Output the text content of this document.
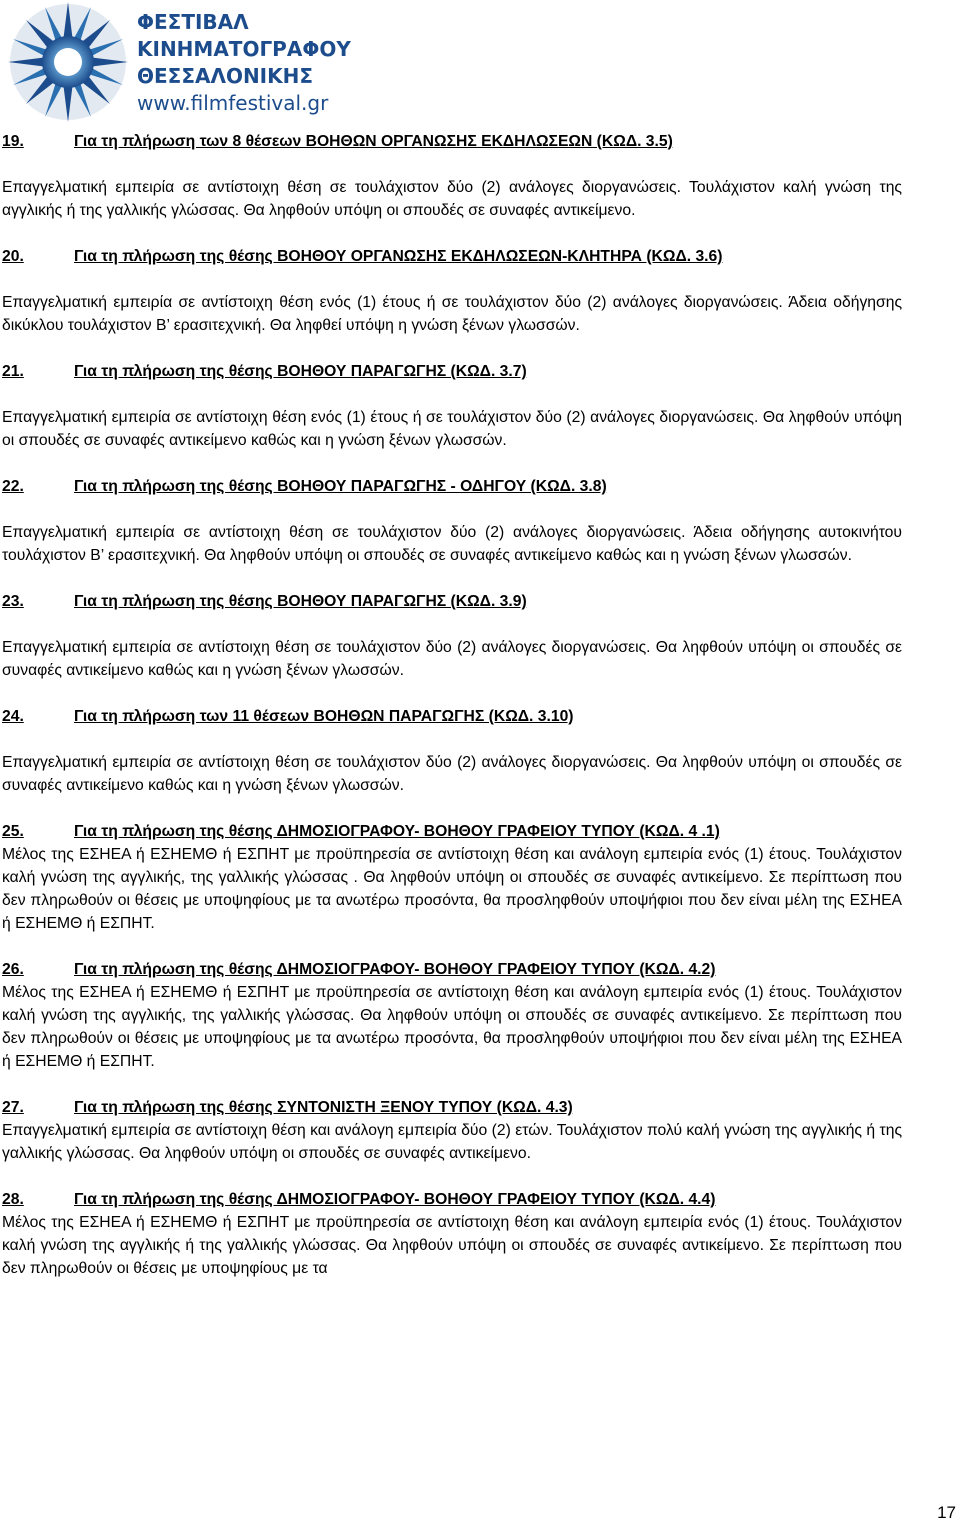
ΦΕΣΤΙΒΑΛ
ΚΙΝΗΜΑΤΟΓΡΑΦΟΥ
ΘΕΣΣΑΛΟΝΙΚΗΣ
www.filmfestival.gr
19.	Για τη πλήρωση των 8 θέσεων ΒΟΗΘΩΝ ΟΡΓΑΝΩΣΗΣ ΕΚΔΗΛΩΣΕΩΝ (ΚΩΔ. 3.5)
Επαγγελματική εμπειρία σε αντίστοιχη θέση σε τουλάχιστον δύο (2) ανάλογες διοργανώσεις. Τουλάχιστον καλή γνώση της αγγλικής ή της γαλλικής γλώσσας. Θα ληφθούν υπόψη οι σπουδές σε συναφές αντικείμενο.
20.	Για τη πλήρωση της θέσης ΒΟΗΘΟΥ ΟΡΓΑΝΩΣΗΣ ΕΚΔΗΛΩΣΕΩΝ-ΚΛΗΤΗΡΑ (ΚΩΔ. 3.6)
Επαγγελματική εμπειρία σε αντίστοιχη θέση ενός (1) έτους ή σε τουλάχιστον δύο (2) ανάλογες διοργανώσεις. Άδεια οδήγησης δικύκλου τουλάχιστον Β’ ερασιτεχνική. Θα ληφθεί υπόψη η γνώση ξένων γλωσσών.
21.	Για τη πλήρωση της θέσης ΒΟΗΘΟΥ ΠΑΡΑΓΩΓΗΣ (ΚΩΔ. 3.7)
Επαγγελματική εμπειρία σε αντίστοιχη θέση ενός (1) έτους ή σε τουλάχιστον δύο (2) ανάλογες διοργανώσεις. Θα ληφθούν υπόψη οι σπουδές σε συναφές αντικείμενο καθώς και η γνώση ξένων γλωσσών.
22.	Για τη πλήρωση της θέσης ΒΟΗΘΟΥ ΠΑΡΑΓΩΓΗΣ - ΟΔΗΓΟΥ (ΚΩΔ. 3.8)
Επαγγελματική εμπειρία σε αντίστοιχη θέση σε τουλάχιστον δύο (2) ανάλογες διοργανώσεις. Άδεια οδήγησης αυτοκινήτου τουλάχιστον Β’ ερασιτεχνική. Θα ληφθούν υπόψη οι σπουδές σε συναφές αντικείμενο καθώς και η γνώση ξένων γλωσσών.
23.	Για τη πλήρωση της θέσης ΒΟΗΘΟΥ ΠΑΡΑΓΩΓΗΣ (ΚΩΔ. 3.9)
Επαγγελματική εμπειρία σε αντίστοιχη θέση σε τουλάχιστον δύο (2) ανάλογες διοργανώσεις. Θα ληφθούν υπόψη οι σπουδές σε συναφές αντικείμενο καθώς και η γνώση ξένων γλωσσών.
24.	Για τη πλήρωση των 11 θέσεων ΒΟΗΘΩΝ ΠΑΡΑΓΩΓΗΣ (ΚΩΔ. 3.10)
Επαγγελματική εμπειρία σε αντίστοιχη θέση σε τουλάχιστον δύο (2) ανάλογες διοργανώσεις. Θα ληφθούν υπόψη οι σπουδές σε συναφές αντικείμενο καθώς και η γνώση ξένων γλωσσών.
25.	Για τη πλήρωση της θέσης ΔΗΜΟΣΙΟΓΡΑΦΟΥ- ΒΟΗΘΟΥ ΓΡΑΦΕΙΟΥ ΤΥΠΟΥ (ΚΩΔ. 4 .1)
Μέλος της ΕΣΗΕΑ ή ΕΣΗΕΜΘ ή ΕΣΠΗΤ με προϋπηρεσία σε αντίστοιχη θέση και ανάλογη εμπειρία ενός (1) έτους. Τουλάχιστον καλή γνώση της αγγλικής, της γαλλικής γλώσσας . Θα ληφθούν υπόψη οι σπουδές σε συναφές αντικείμενο. Σε περίπτωση που δεν πληρωθούν οι θέσεις με υποψηφίους με τα ανωτέρω προσόντα, θα προσληφθούν υποψήφιοι που δεν είναι μέλη της ΕΣΗΕΑ ή ΕΣΗΕΜΘ ή ΕΣΠΗΤ.
26.	Για τη πλήρωση της θέσης ΔΗΜΟΣΙΟΓΡΑΦΟΥ- ΒΟΗΘΟΥ ΓΡΑΦΕΙΟΥ ΤΥΠΟΥ (ΚΩΔ. 4.2)
Μέλος της ΕΣΗΕΑ ή ΕΣΗΕΜΘ ή ΕΣΠΗΤ με προϋπηρεσία σε αντίστοιχη θέση και ανάλογη εμπειρία ενός (1) έτους. Τουλάχιστον καλή γνώση της αγγλικής, της γαλλικής γλώσσας. Θα ληφθούν υπόψη οι σπουδές σε συναφές αντικείμενο. Σε περίπτωση που δεν πληρωθούν οι θέσεις με υποψηφίους με τα ανωτέρω προσόντα, θα προσληφθούν υποψήφιοι που δεν είναι μέλη της ΕΣΗΕΑ ή ΕΣΗΕΜΘ ή ΕΣΠΗΤ.
27.	Για τη πλήρωση της θέσης ΣΥΝΤΟΝΙΣΤΗ ΞΕΝΟΥ ΤΥΠΟΥ (ΚΩΔ. 4.3)
Επαγγελματική εμπειρία σε αντίστοιχη θέση και ανάλογη εμπειρία δύο (2) ετών. Τουλάχιστον πολύ καλή γνώση της αγγλικής ή της γαλλικής γλώσσας. Θα ληφθούν υπόψη οι σπουδές σε συναφές αντικείμενο.
28.	Για τη πλήρωση της θέσης ΔΗΜΟΣΙΟΓΡΑΦΟΥ- ΒΟΗΘΟΥ ΓΡΑΦΕΙΟΥ ΤΥΠΟΥ (ΚΩΔ. 4.4)
Μέλος της ΕΣΗΕΑ ή ΕΣΗΕΜΘ ή ΕΣΠΗΤ με προϋπηρεσία σε αντίστοιχη θέση και ανάλογη εμπειρία ενός (1) έτους. Τουλάχιστον καλή γνώση της αγγλικής ή της γαλλικής γλώσσας. Θα ληφθούν υπόψη οι σπουδές σε συναφές αντικείμενο. Σε περίπτωση που δεν πληρωθούν οι θέσεις με υποψηφίους με τα
17
